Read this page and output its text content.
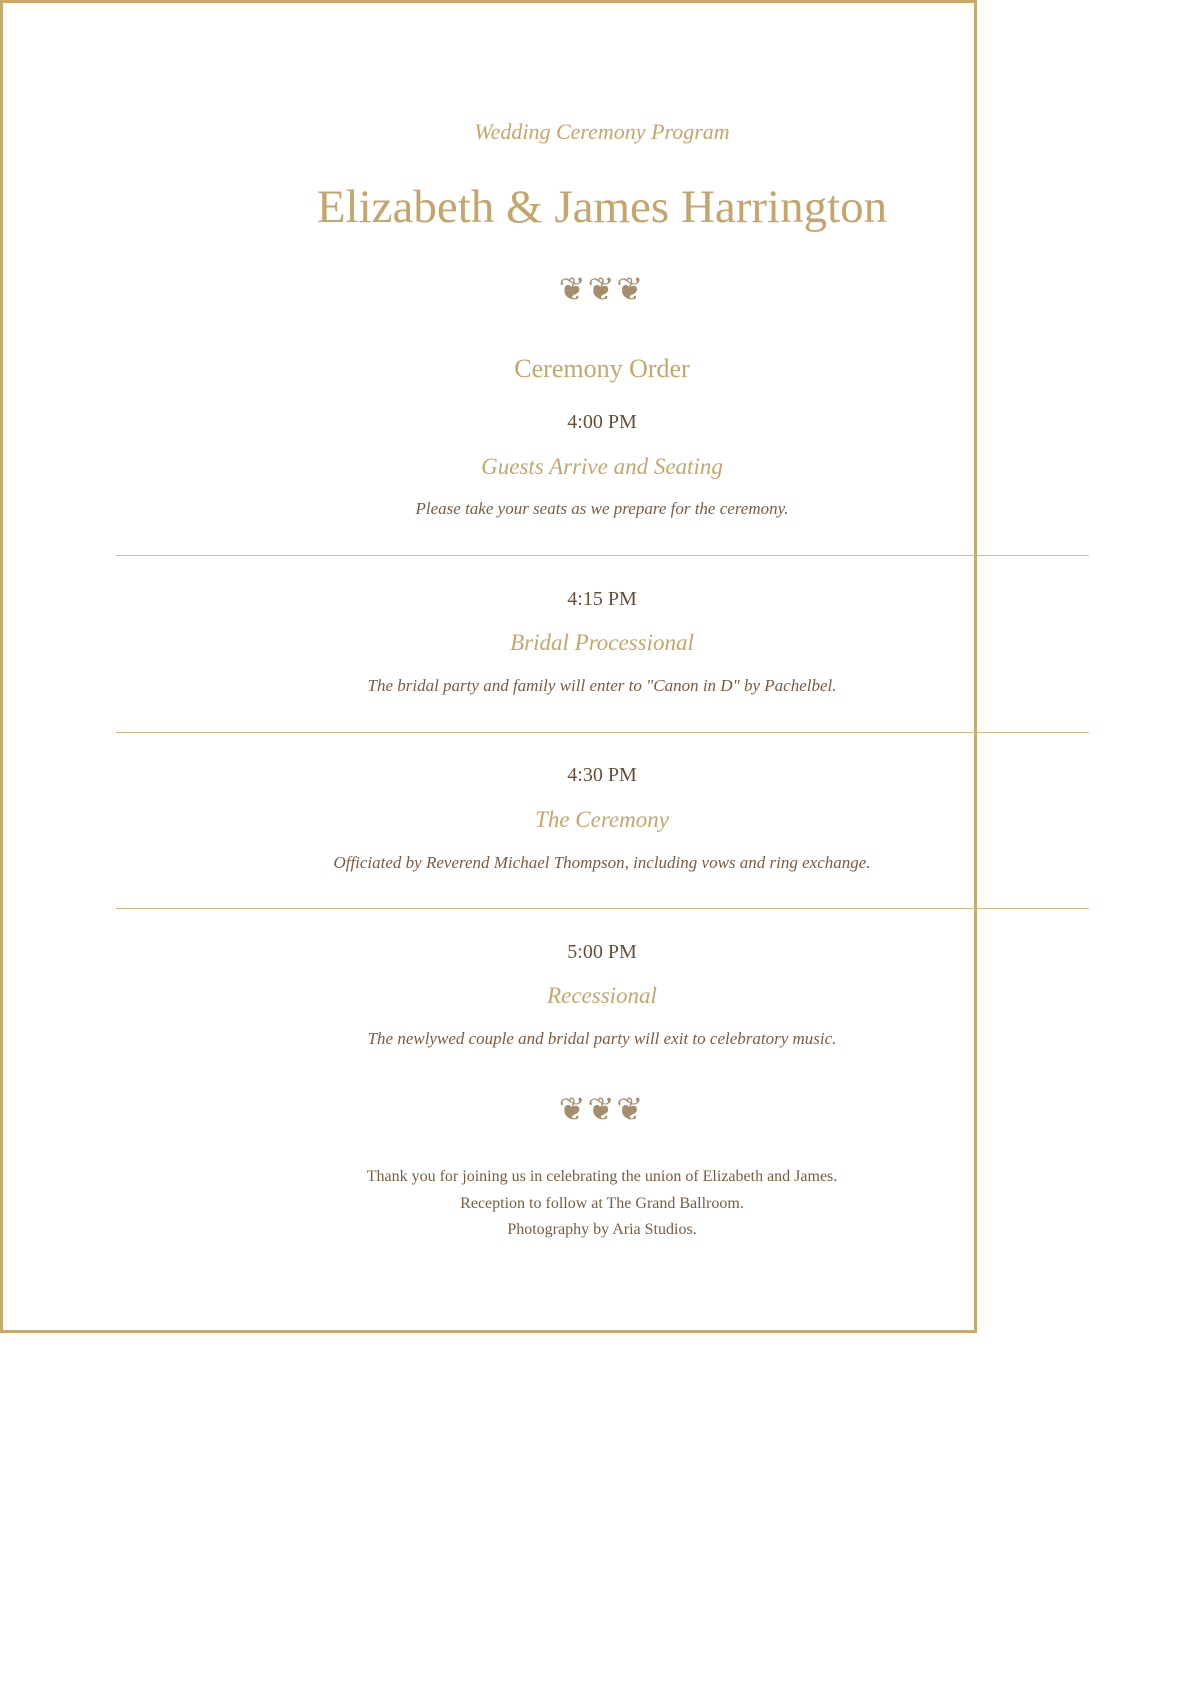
Wedding Ceremony Program
Elizabeth & James Harrington
❦❦❦
Ceremony Order
4:00 PM
Guests Arrive and Seating
Please take your seats as we prepare for the ceremony.
4:15 PM
Bridal Processional
The bridal party and family will enter to "Canon in D" by Pachelbel.
4:30 PM
The Ceremony
Officiated by Reverend Michael Thompson, including vows and ring exchange.
5:00 PM
Recessional
The newlywed couple and bridal party will exit to celebratory music.
❦❦❦
Thank you for joining us in celebrating the union of Elizabeth and James.
Reception to follow at The Grand Ballroom.
Photography by Aria Studios.
